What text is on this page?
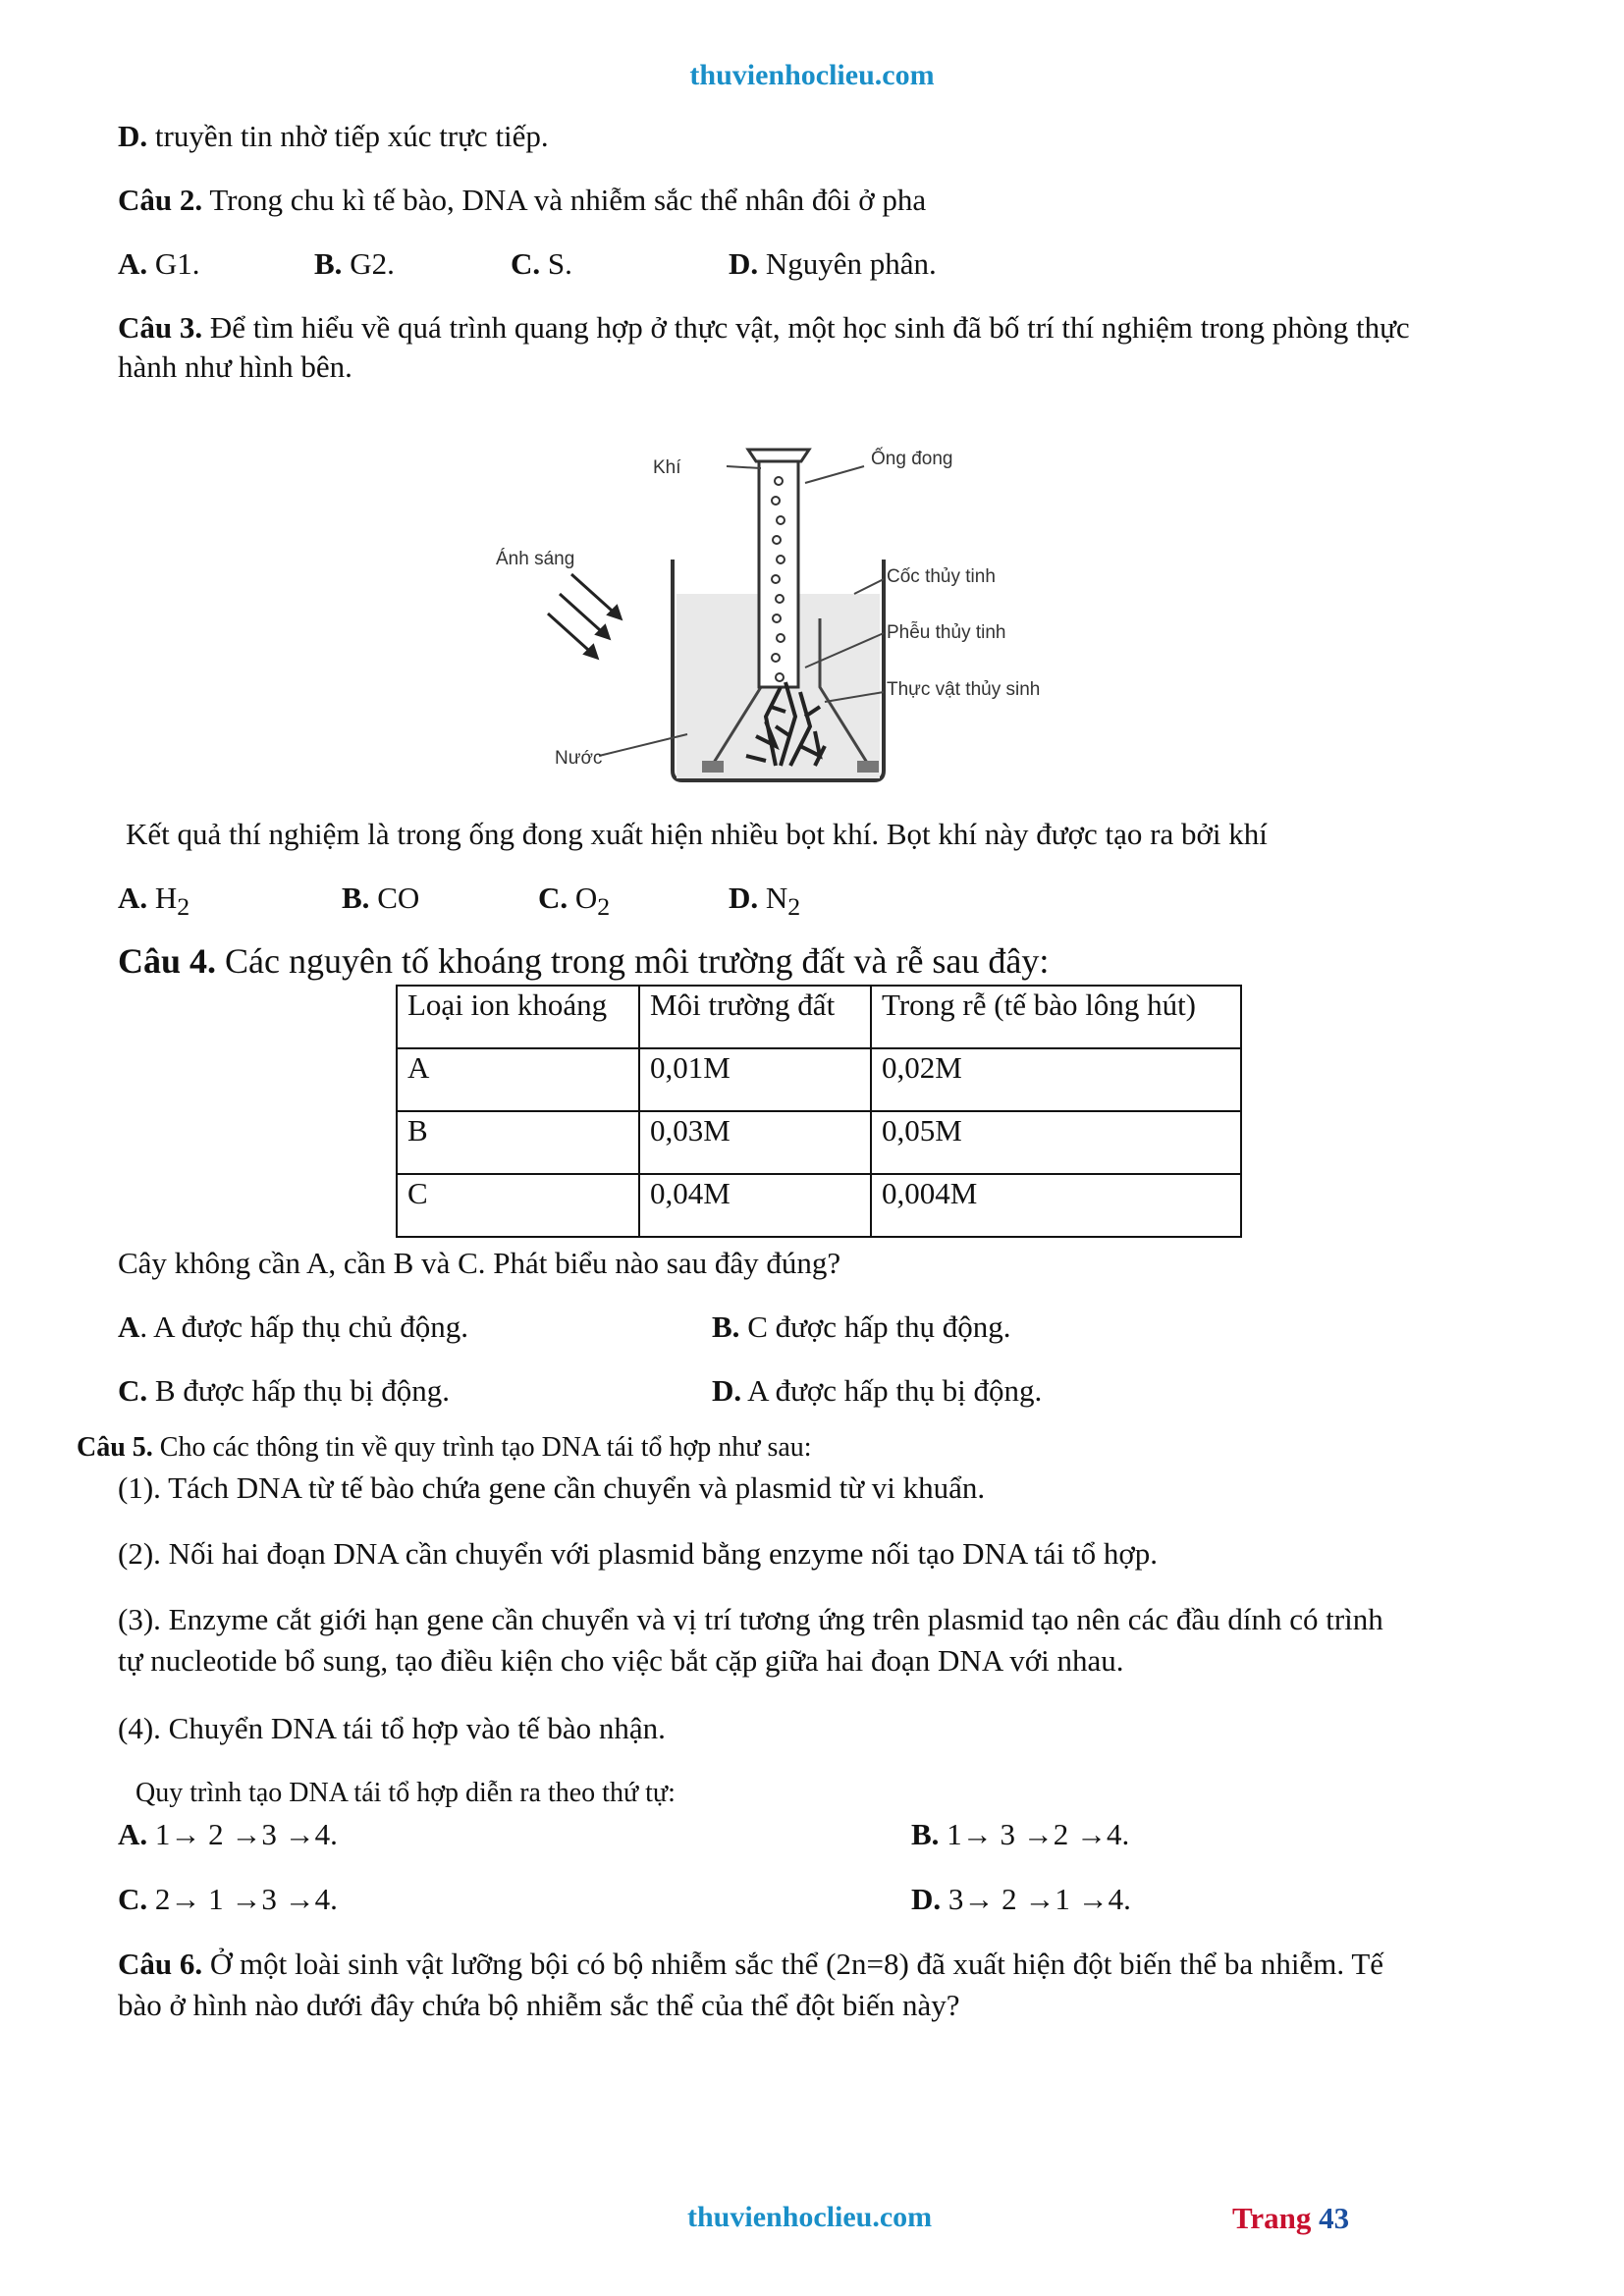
thuvienhoclieu.com
D. truyền tin nhờ tiếp xúc trực tiếp.
Câu 2. Trong chu kì tế bào, DNA và nhiễm sắc thể nhân đôi ở pha
A. G1.	B. G2.	C. S.	D. Nguyên phân.
Câu 3. Để tìm hiểu về quá trình quang hợp ở thực vật, một học sinh đã bố trí thí nghiệm trong phòng thực
hành như hình bên.
Khí	Ống đong
Ánh sáng
Cốc thủy tinh
Phễu thủy tinh
Thực vật thủy sinh
Nước
Kết quả thí nghiệm là trong ống đong xuất hiện nhiều bọt khí. Bọt khí này được tạo ra bởi khí
A. $H_2$	B. CO	C. $O_2$	D. $N_2$
Câu 4. Các nguyên tố khoáng trong môi trường đất và rễ sau đây:
Loại ion khoáng	Môi trường đất	Trong rễ (tế bào lông hút)
A	0,01M	0,02M
B	0,03M	0,05M
C	0,04M	0,004M
Cây không cần A, cần B và C. Phát biểu nào sau đây đúng?
A. A được hấp thụ chủ động.	B. C được hấp thụ động.
C. B được hấp thụ bị động.	D. A được hấp thụ bị động.
Câu 5. Cho các thông tin về quy trình tạo DNA tái tổ hợp như sau:
(1). Tách DNA từ tế bào chứa gene cần chuyển và plasmid từ vi khuẩn.
(2). Nối hai đoạn DNA cần chuyển với plasmid bằng enzyme nối tạo DNA tái tổ hợp.
(3). Enzyme cắt giới hạn gene cần chuyển và vị trí tương ứng trên plasmid tạo nên các đầu dính có trình
tự nucleotide bổ sung, tạo điều kiện cho việc bắt cặp giữa hai đoạn DNA với nhau.
(4). Chuyển DNA tái tổ hợp vào tế bào nhận.
Quy trình tạo DNA tái tổ hợp diễn ra theo thứ tự:
A. 1→ 2 →3 →4.	B. 1→ 3 →2 →4.
C. 2→ 1 →3 →4.	D. 3→ 2 →1 →4.
Câu 6. Ở một loài sinh vật lưỡng bội có bộ nhiễm sắc thể (2n=8) đã xuất hiện đột biến thể ba nhiễm. Tế
bào ở hình nào dưới đây chứa bộ nhiễm sắc thể của thể đột biến này?
thuvienhoclieu.com	Trang 43
